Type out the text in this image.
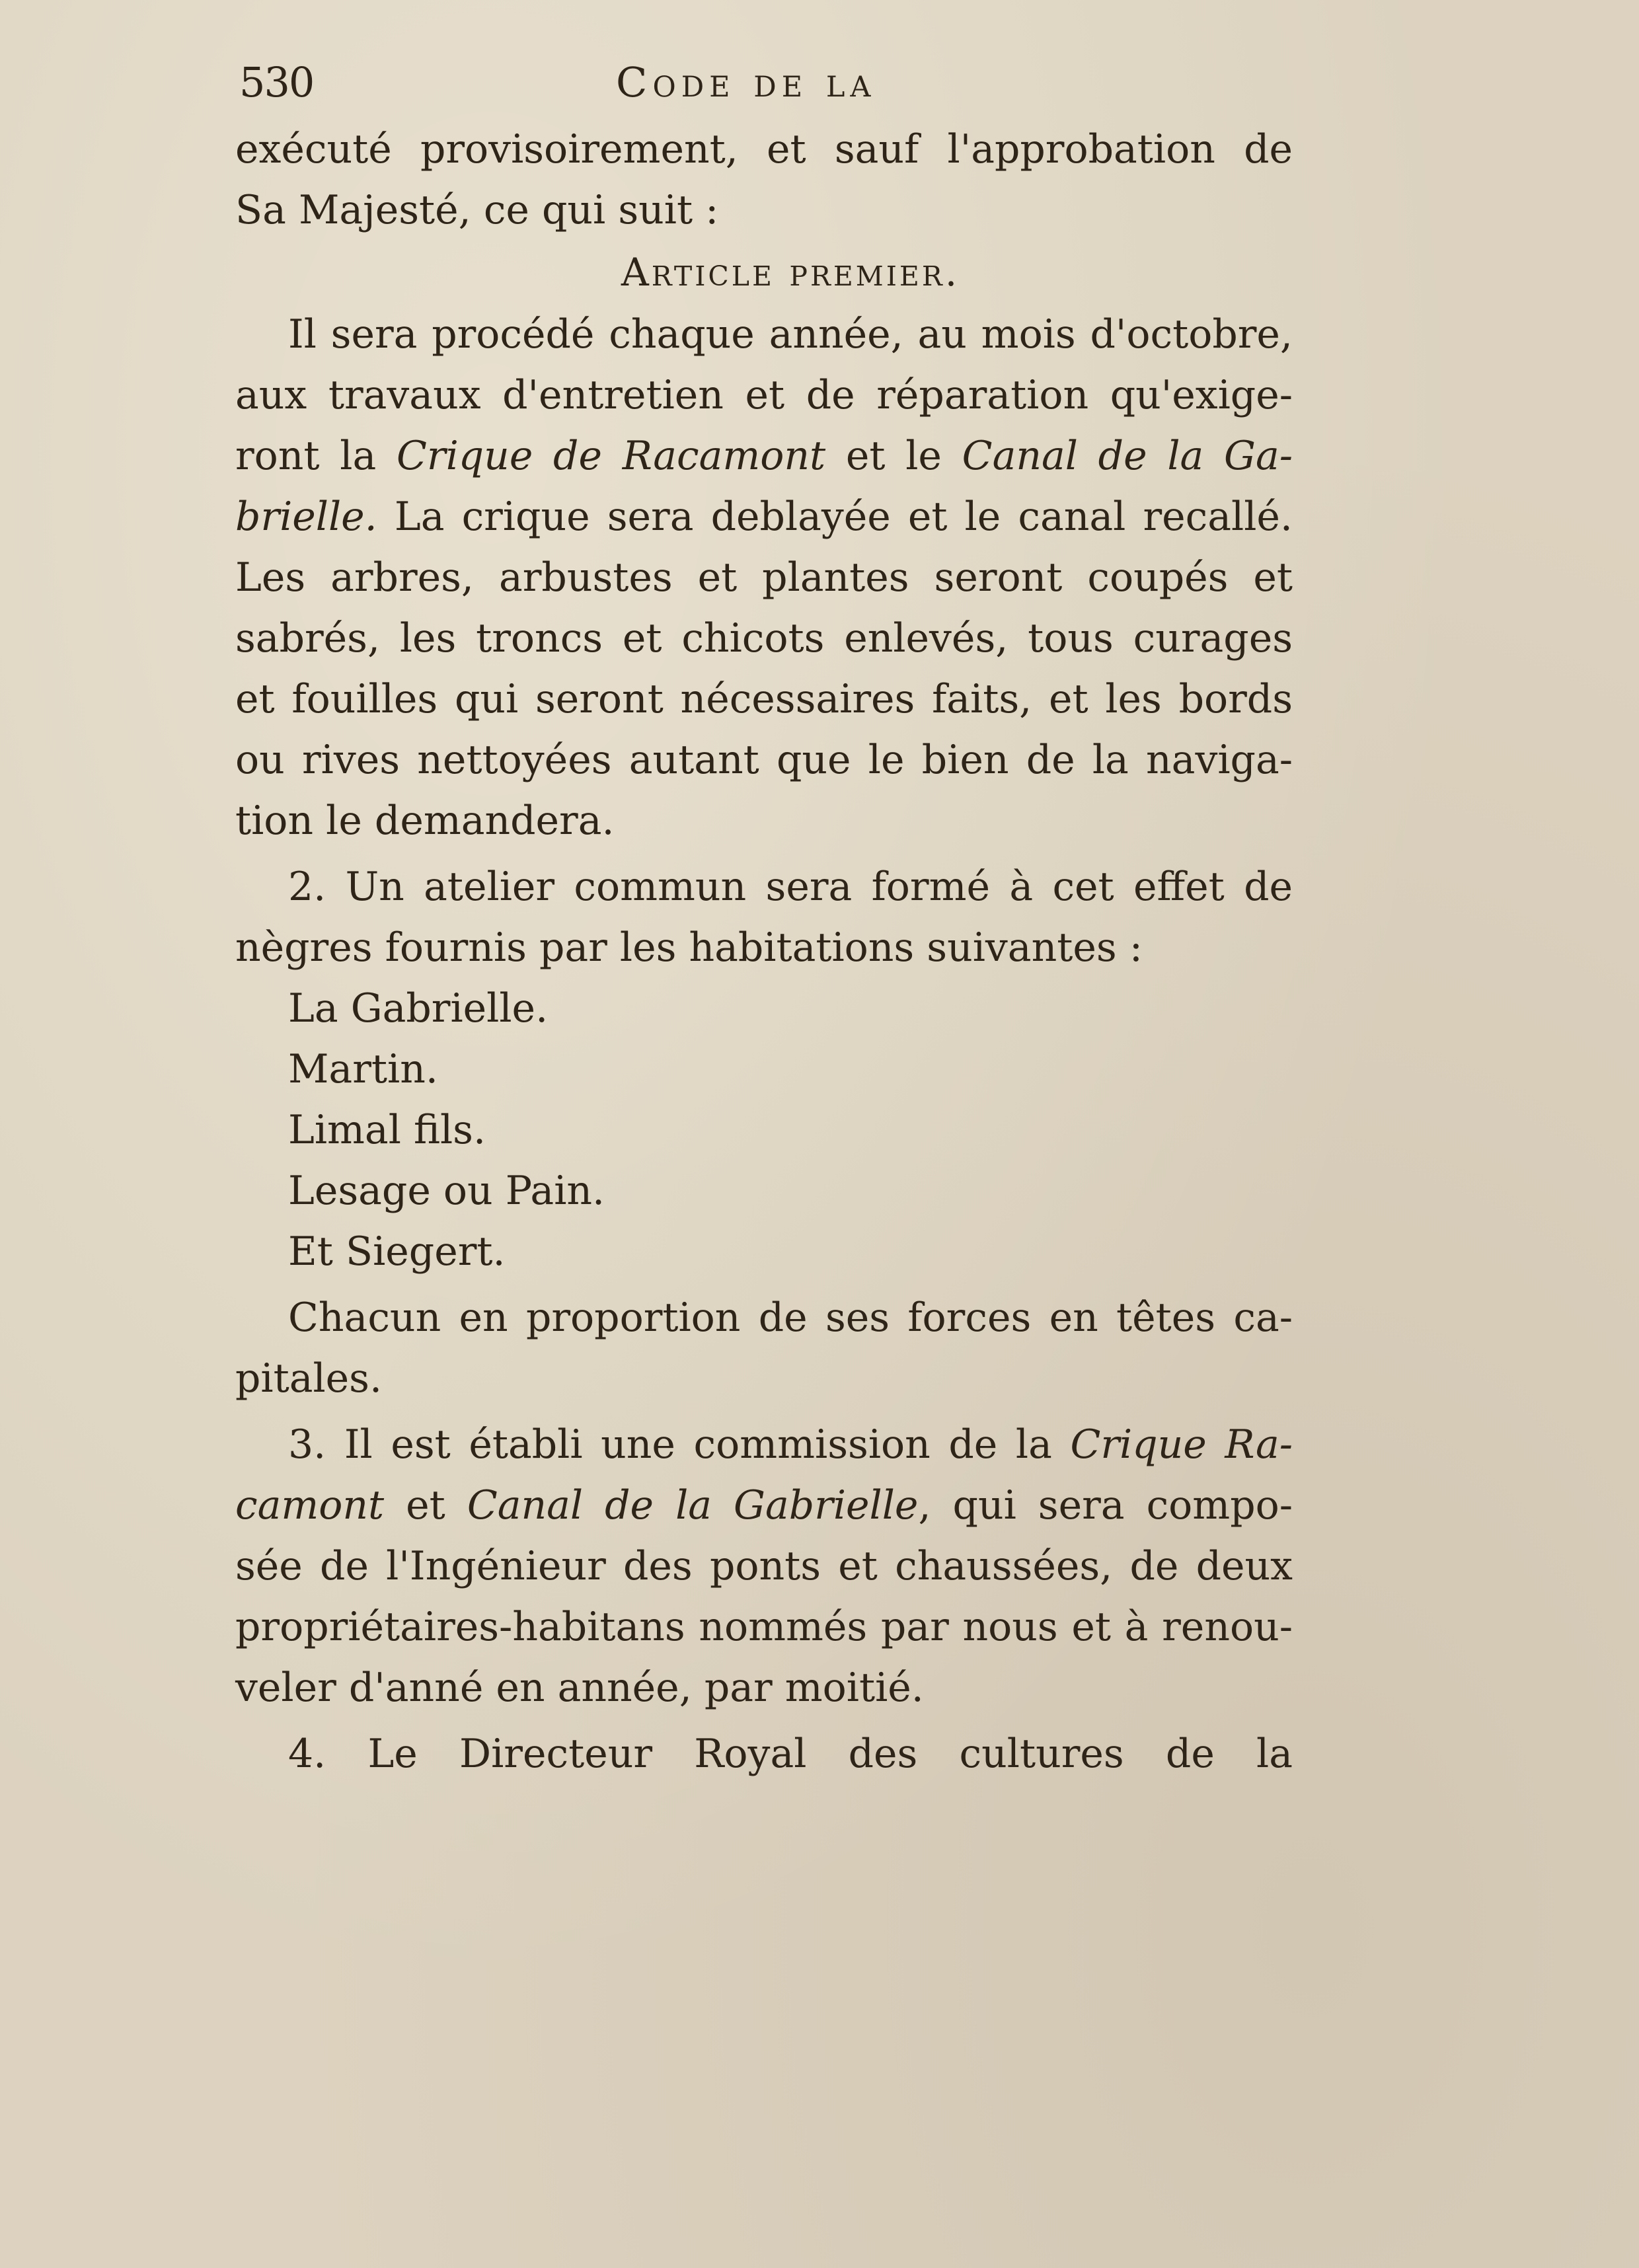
530	Code de la
exécuté provisoirement, et sauf l'approbation de
Sa Majesté, ce qui suit :
Article premier.
Il sera procédé chaque année, au mois d'octobre,
aux travaux d'entretien et de réparation qu'exige-
ront la Crique de Racamont et le Canal de la Ga-
brielle. La crique sera deblayée et le canal recallé.
Les arbres, arbustes et plantes seront coupés et
sabrés, les troncs et chicots enlevés, tous curages
et fouilles qui seront nécessaires faits, et les bords
ou rives nettoyées autant que le bien de la naviga-
tion le demandera.
2. Un atelier commun sera formé à cet effet de
nègres fournis par les habitations suivantes :
La Gabrielle.
Martin.
Limal fils.
Lesage ou Pain.
Et Siegert.
Chacun en proportion de ses forces en têtes ca-
pitales.
3. Il est établi une commission de la Crique Ra-
camont et Canal de la Gabrielle, qui sera compo-
sée de l'Ingénieur des ponts et chaussées, de deux
propriétaires-habitans nommés par nous et à renou-
veler d'anné en année, par moitié.
4. Le Directeur Royal des cultures de la
